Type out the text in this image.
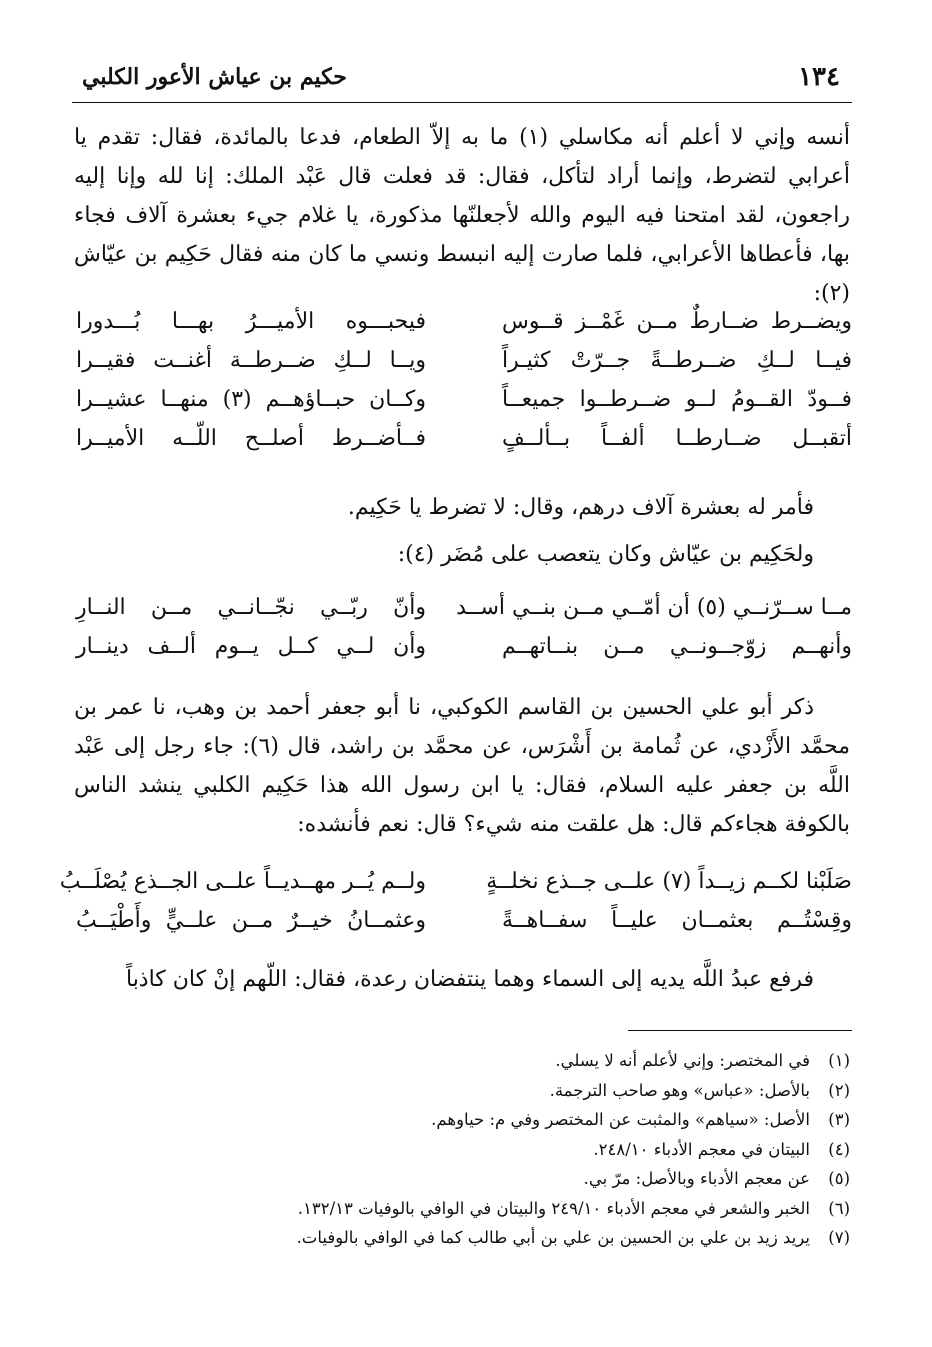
١٣٤
حكيم بن عياش الأعور الكلبي

أنسه وإني لا أعلم أنه مكاسلي (١) ما به إلاّ الطعام، فدعا بالمائدة، فقال: تقدم يا أعرابي لتضرط، وإنما أراد لتأكل، فقال: قد فعلت قال عَبْد الملك: إنا لله وإنا إليه راجعون، لقد امتحنا فيه اليوم والله لأجعلنّها مذكورة، يا غلام جيء بعشرة آلاف فجاء بها، فأعطاها الأعرابي، فلما صارت إليه انبسط ونسي ما كان منه فقال حَكِيم بن عيّاش (٢):

ويضــرط ضــارطٌ مــن غَمْــز قــوس
فيحبـــوه الأميـــرُ بهـــا بُـــدورا
فيــا لــكِ ضــرطــةً جــرّتْ كثيـراً
ويــا لــكِ ضــرطــة أغنــت فقيــرا
فــودّ القــومُ لــو ضــرطــوا جميعــاً
وكــان حبــاؤهــم (٣) منهــا عشيــرا
أتقبــل ضــارطــا ألفــاً بــألــفٍ
فــأضــرط أصلــح اللّــه الأميــرا

فأمر له بعشرة آلاف درهم، وقال: لا تضرط يا حَكِيم.

ولحَكِيم بن عيّاش وكان يتعصب على مُضَر (٤):

مــا ســرّنــي (٥) أن أمّــي مــن بنــي أســد
وأنّ ربّــي نجّــانــي مــن النــارِ
وأنهــم زوّجــونــي مــن بنــاتهــم
وأن لــي كــل يــوم ألــف دينــار

ذكر أبو علي الحسين بن القاسم الكوكبي، نا أبو جعفر أحمد بن وهب، نا عمر بن محمَّد الأَزْدي، عن ثُمامة بن أَشْرَس، عن محمَّد بن راشد، قال (٦): جاء رجل إلى عَبْد اللَّه بن جعفر عليه السلام، فقال: يا ابن رسول الله هذا حَكِيم الكلبي ينشد الناس بالكوفة هجاءكم قال: هل علقت منه شيء؟ قال: نعم فأنشده:

صَلَبْنا لكــم زيــداً (٧) علــى جــذع نخلــةٍ
ولــم يُــر مهــديــاً علــى الجــذع يُصْلَــبُ
وقِسْتُــم بعثمــان عليــاً سفــاهــةً
وعثمــانُ خيــرٌ مــن علــيٍّ وأَطْيَــبُ

فرفع عبدُ اللَّه يديه إلى السماء وهما ينتفضان رعدة، فقال: اللّهم إنْ كان كاذباً

(١)في المختصر: وإني لأعلم أنه لا يسلي.
(٢)بالأصل: «عباس» وهو صاحب الترجمة.
(٣)الأصل: «سياهم» والمثبت عن المختصر وفي م: حياوهم.
(٤)البيتان في معجم الأدباء ٢٤٨/١٠.
(٥)عن معجم الأدباء وبالأصل: مرّ بي.
(٦)الخبر والشعر في معجم الأدباء ٢٤٩/١٠ والبيتان في الوافي بالوفيات ١٣٢/١٣.
(٧)يريد زيد بن علي بن الحسين بن علي بن أبي طالب كما في الوافي بالوفيات.
